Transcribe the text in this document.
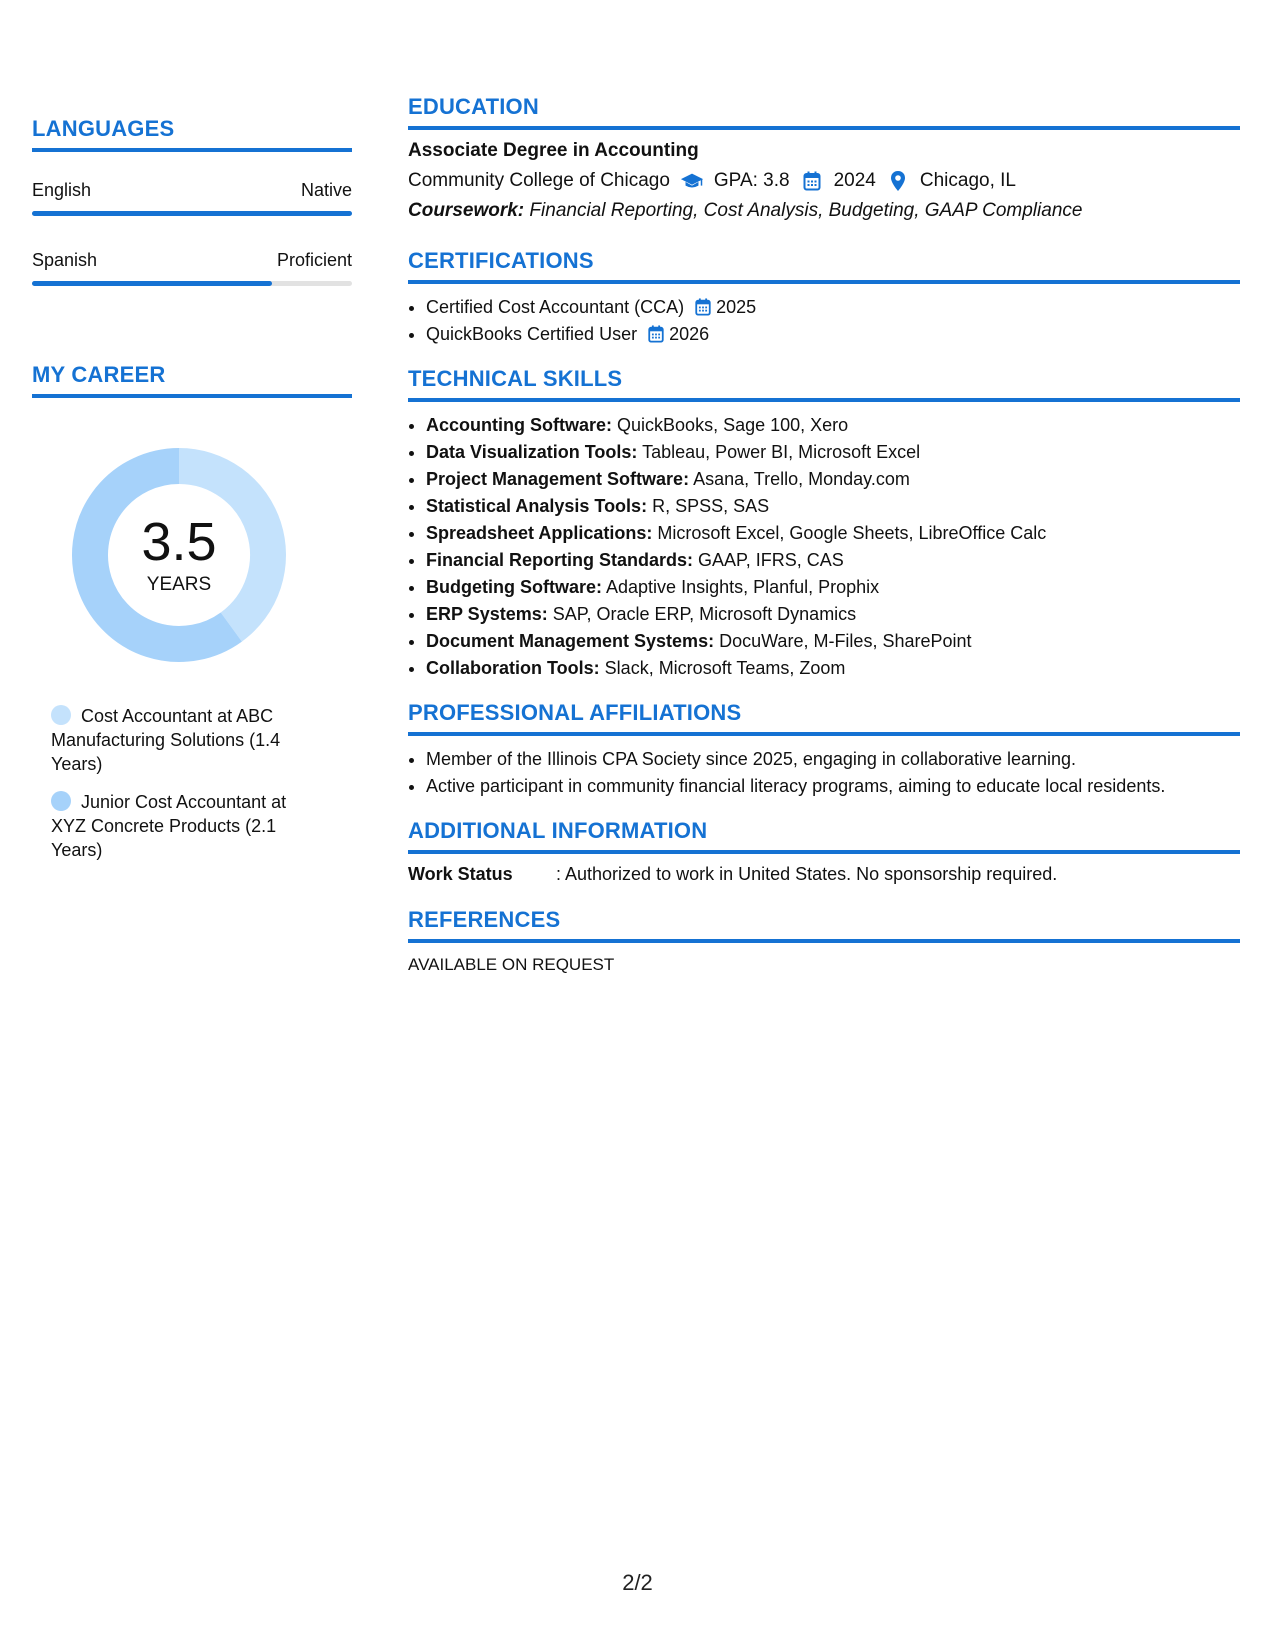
LANGUAGES
English	Native
Spanish	Proficient
MY CAREER
3.5
YEARS
Cost Accountant at ABC Manufacturing Solutions (1.4 Years)
Junior Cost Accountant at XYZ Concrete Products (2.1 Years)
EDUCATION
Associate Degree in Accounting
Community College of Chicago GPA: 3.8 2024 Chicago, IL
Coursework: Financial Reporting, Cost Analysis, Budgeting, GAAP Compliance
CERTIFICATIONS
• Certified Cost Accountant (CCA) 2025
• QuickBooks Certified User 2026
TECHNICAL SKILLS
• Accounting Software: QuickBooks, Sage 100, Xero
• Data Visualization Tools: Tableau, Power BI, Microsoft Excel
• Project Management Software: Asana, Trello, Monday.com
• Statistical Analysis Tools: R, SPSS, SAS
• Spreadsheet Applications: Microsoft Excel, Google Sheets, LibreOffice Calc
• Financial Reporting Standards: GAAP, IFRS, CAS
• Budgeting Software: Adaptive Insights, Planful, Prophix
• ERP Systems: SAP, Oracle ERP, Microsoft Dynamics
• Document Management Systems: DocuWare, M-Files, SharePoint
• Collaboration Tools: Slack, Microsoft Teams, Zoom
PROFESSIONAL AFFILIATIONS
• Member of the Illinois CPA Society since 2025, engaging in collaborative learning.
• Active participant in community financial literacy programs, aiming to educate local residents.
ADDITIONAL INFORMATION
Work Status	: Authorized to work in United States. No sponsorship required.
REFERENCES
AVAILABLE ON REQUEST
2/2
